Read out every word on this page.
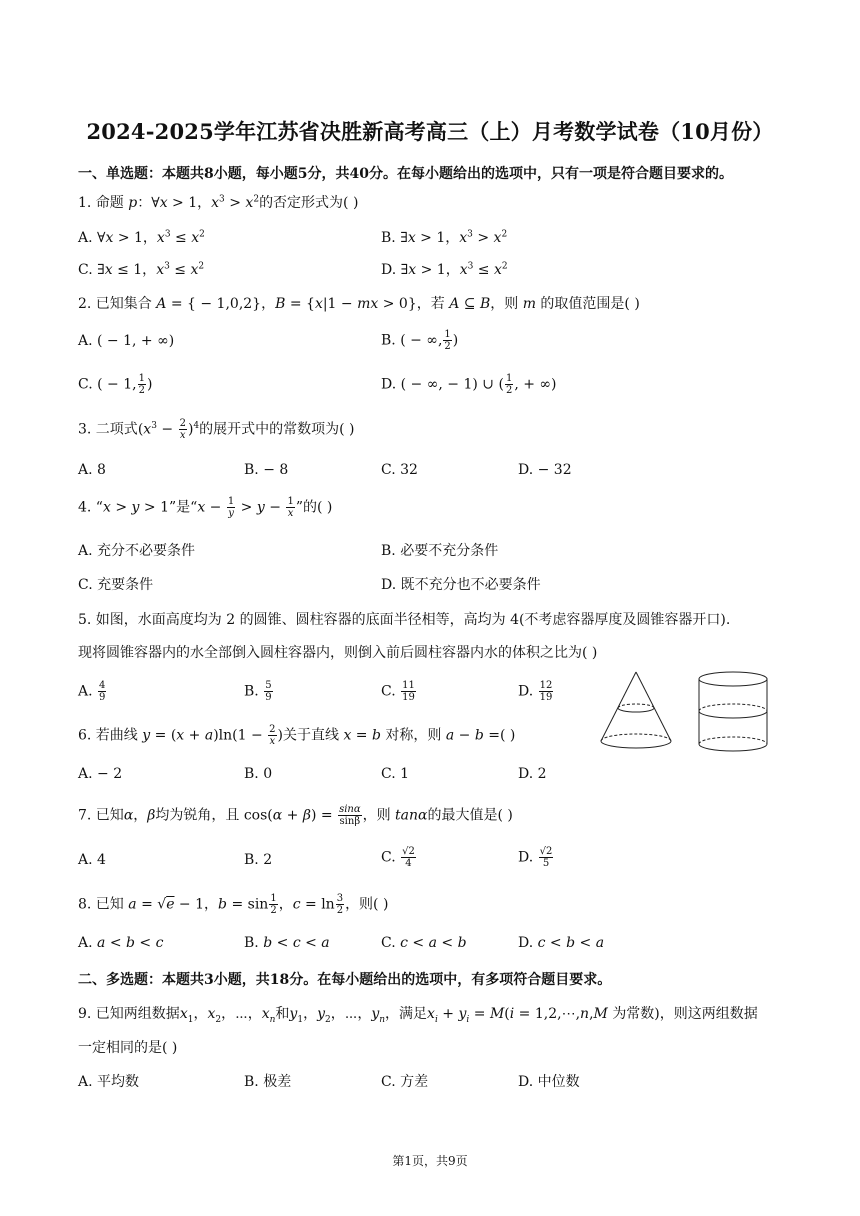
2024-2025学年江苏省决胜新高考高三（上）月考数学试卷（10月份）
一、单选题：本题共8小题，每小题5分，共40分。在每小题给出的选项中，只有一项是符合题目要求的。
1. 命题 p：∀x > 1，$x^3 > x^2$的否定形式为( )
A. ∀x > 1，$x^3 \le x^2$	B. ∃x > 1，$x^3 > x^2$
C. ∃x ≤ 1，$x^3 \le x^2$	D. ∃x > 1，$x^3 \le x^2$
2. 已知集合 A = { − 1,0,2}，B = {x|1 − mx > 0}，若 A ⊆ B，则 m 的取值范围是( )
A. ( − 1, + ∞)	B. ( − ∞, $\frac{1}{2}$ )
C. ( − 1, $\frac{1}{2}$ )	D. ( − ∞, − 1) ∪ ( $\frac{1}{2}$ , + ∞)
3. 二项式$(x^3 - \frac{2}{x} )^4$的展开式中的常数项为( )
A. 8	B. − 8	C. 32	D. − 32
4. “x > y > 1”是“$x - \frac{1}{y} > y - \frac{1}{x}$ ”的( )
A. 充分不必要条件	B. 必要不充分条件
C. 充要条件	D. 既不充分也不必要条件
5. 如图，水面高度均为 2 的圆锥、圆柱容器的底面半径相等，高均为 4(不考虑容器厚度及圆锥容器开口).
现将圆锥容器内的水全部倒入圆柱容器内，则倒入前后圆柱容器内水的体积之比为( )
A. $\frac{4}{9}$	B. $\frac{5}{9}$	C. $\frac{11}{19}$	D. $\frac{12}{19}$
6. 若曲线 $y = (x + a)\ln(1 - \frac{2}{x}$ )关于直线 x = b 对称，则 a − b =( )
A. − 2	B. 0	C. 1	D. 2
7. 已知α，β均为锐角，且 $\cos(\alpha + \beta) = \frac{\sin\alpha}{\sin\beta}$ ，则 tanα的最大值是( )
A. 4	B. 2	C. $\frac{√2}{4}$	D. $\frac{√2}{5}$
8. 已知 a = √e − 1，$b = \sin \frac{1}{2}$ ，$c = \ln \frac{3}{2}$ ，则( )
A. a < b < c	B. b < c < a	C. c < a < b	D. c < b < a
二、多选题：本题共3小题，共18分。在每小题给出的选项中，有多项符合题目要求。
9. 已知两组数据$x_1$，$x_2$，⋯，$x_n$和$y_1$，$y_2$，⋯，$y_n$，满足$x_i + y_i = M(i$ = 1,2,⋯,n,M 为常数)，则这两组数据
一定相同的是( )
A. 平均数	B. 极差	C. 方差	D. 中位数
第1页，共9页
